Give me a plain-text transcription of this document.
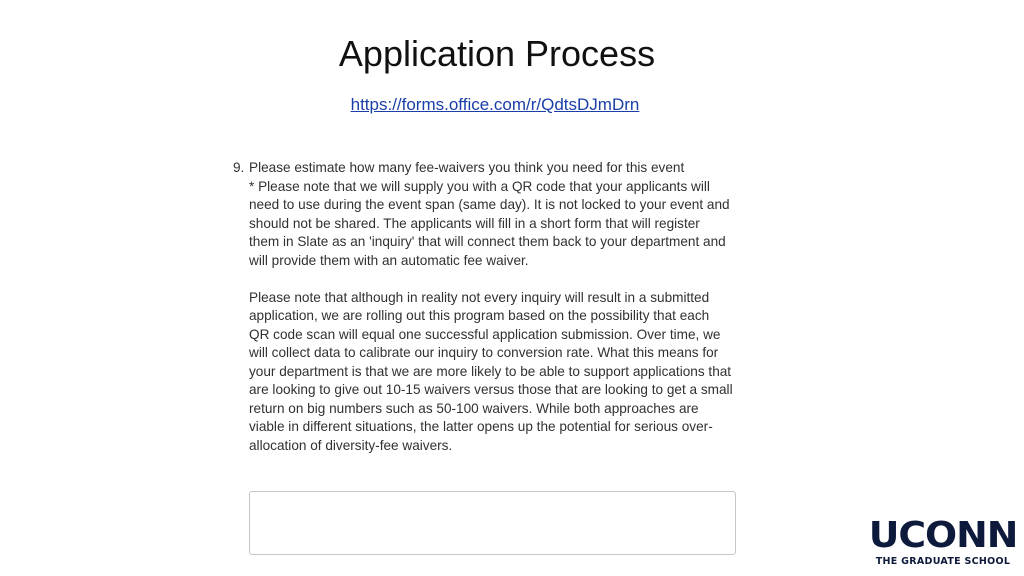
Application Process
https://forms.office.com/r/QdtsDJmDrn
9. Please estimate how many fee-waivers you think you need for this event
* Please note that we will supply you with a QR code that your applicants will need to use during the event span (same day). It is not locked to your event and should not be shared. The applicants will fill in a short form that will register them in Slate as an 'inquiry' that will connect them back to your department and will provide them with an automatic fee waiver.

Please note that although in reality not every inquiry will result in a submitted application, we are rolling out this program based on the possibility that each QR code scan will equal one successful application submission. Over time, we will collect data to calibrate our inquiry to conversion rate. What this means for your department is that we are more likely to be able to support applications that are looking to give out 10-15 waivers versus those that are looking to get a small return on big numbers such as 50-100 waivers. While both approaches are viable in different situations, the latter opens up the potential for serious over-allocation of diversity-fee waivers.

UCONN
THE GRADUATE SCHOOL
